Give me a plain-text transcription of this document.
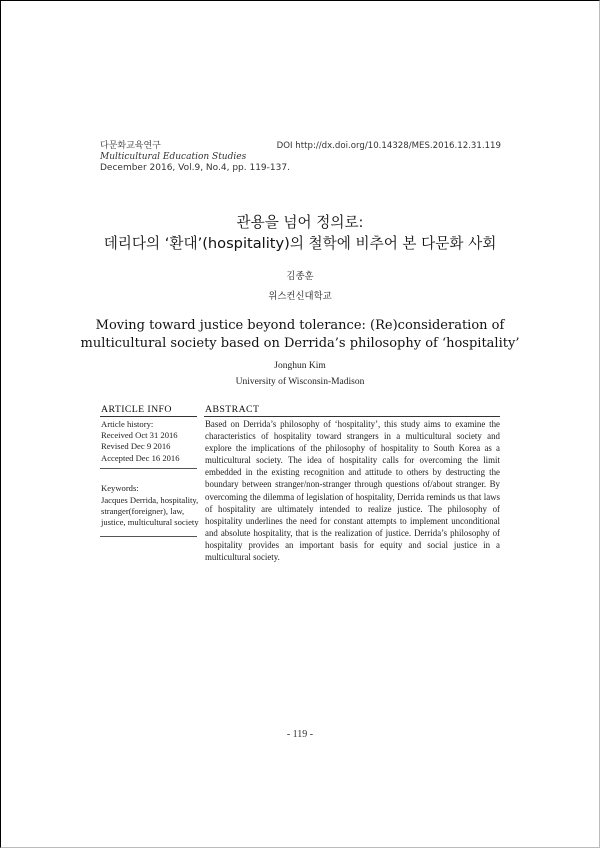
다문화교육연구
Multicultural Education Studies
December 2016, Vol.9, No.4, pp. 119-137.
DOI http://dx.doi.org/10.14328/MES.2016.12.31.119
관용을 넘어 정의로:
데리다의 ‘환대’(hospitality)의 철학에 비추어 본 다문화 사회
김종훈
위스컨신대학교
Moving toward justice beyond tolerance: (Re)consideration of
multicultural society based on Derrida’s philosophy of ‘hospitality’
Jonghun Kim
University of Wisconsin-Madison
ARTICLE INFO	ABSTRACT
Article history:
Received Oct 31 2016
Revised Dec 9 2016
Accepted Dec 16 2016
Keywords:
Jacques Derrida, hospitality, stranger(foreigner), law, justice, multicultural society
Based on Derrida’s philosophy of ‘hospitality’, this study aims to examine the characteristics of hospitality toward strangers in a multicultural society and explore the implications of the philosophy of hospitality to South Korea as a multicultural society. The idea of hospitality calls for overcoming the limit embedded in the existing recognition and attitude to others by destructing the boundary between stranger/non-stranger through questions of/about stranger. By overcoming the dilemma of legislation of hospitality, Derrida reminds us that laws of hospitality are ultimately intended to realize justice. The philosophy of hospitality underlines the need for constant attempts to implement unconditional and absolute hospitality, that is the realization of justice. Derrida’s philosophy of hospitality provides an important basis for equity and social justice in a multicultural society.
- 119 -
